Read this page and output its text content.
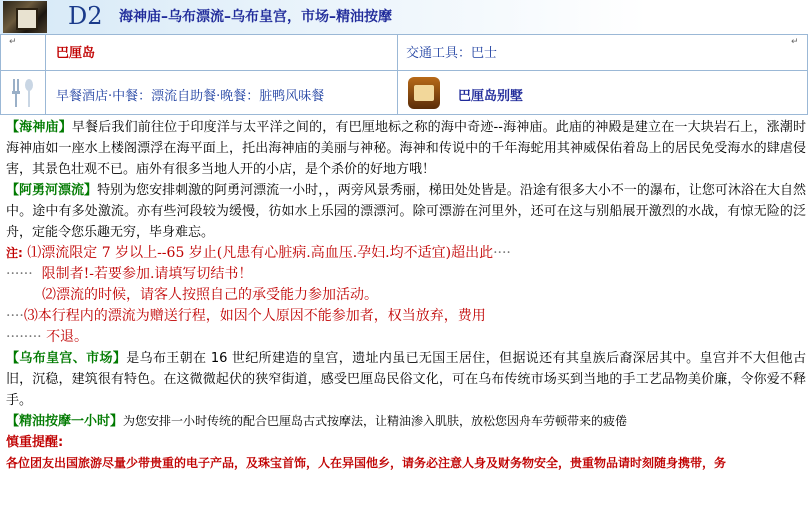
D2 海神庙–乌布漂流–乌布皇宫，市场–精油按摩
↵
巴厘岛	交通工具：巴士
↵
早餐酒店·中餐：漂流自助餐·晚餐：脏鸭风味餐	巴厘岛别墅
【海神庙】早餐后我们前往位于印度洋与太平洋之间的，有巴厘地标之称的海中奇迹--海神庙。此庙的神殿是建立在一大块岩石上，涨潮时海神庙如一座水上楼阁漂浮在海平面上，托出海神庙的美丽与神秘。海神和传说中的千年海蛇用其神威保佑着岛上的居民免受海水的肆虐侵害，其景色壮观不已。庙外有很多当地人开的小店，是个杀价的好地方哦！
【阿勇河漂流】特别为您安排刺激的阿勇河漂流一小时，，两旁风景秀丽，梯田处处皆是。沿途有很多大小不一的瀑布，让您可沐浴在大自然中。途中有多处激流。亦有些河段较为缓慢，彷如水上乐园的漂漂河。除可漂游在河里外，还可在这与别船展开激烈的水战，有惊无险的泛舟，定能令您乐趣无穷，毕身难忘。
注: ⑴漂流限定 7 岁以上--65 岁止(凡患有心脏病.高血压.孕妇.均不适宜)超出此····
······ 限制者!-若要参加.请填写切结书！
⑵漂流的时候，请客人按照自己的承受能力参加活动。
····⑶本行程内的漂流为赠送行程，如因个人原因不能参加者，权当放弃，费用
········ 不退。
【乌布皇宫、市场】是乌布王朝在 16 世纪所建造的皇宫，遗址内虽已无国王居住，但据说还有其皇族后裔深居其中。皇宫并不大但他古旧，沉稳，建筑很有特色。在这微微起伏的狭窄街道，感受巴厘岛民俗文化，可在乌布传统市场买到当地的手工艺品物美价廉，令你爱不释手。
【精油按摩一小时】为您安排一小时传统的配合巴厘岛古式按摩法，让精油渗入肌肤，放松您因舟车劳顿带来的疲倦
慎重提醒:
各位团友出国旅游尽量少带贵重的电子产品，及珠宝首饰，人在异国他乡，请务必注意人身及财务物安全，贵重物品请时刻随身携带，务
